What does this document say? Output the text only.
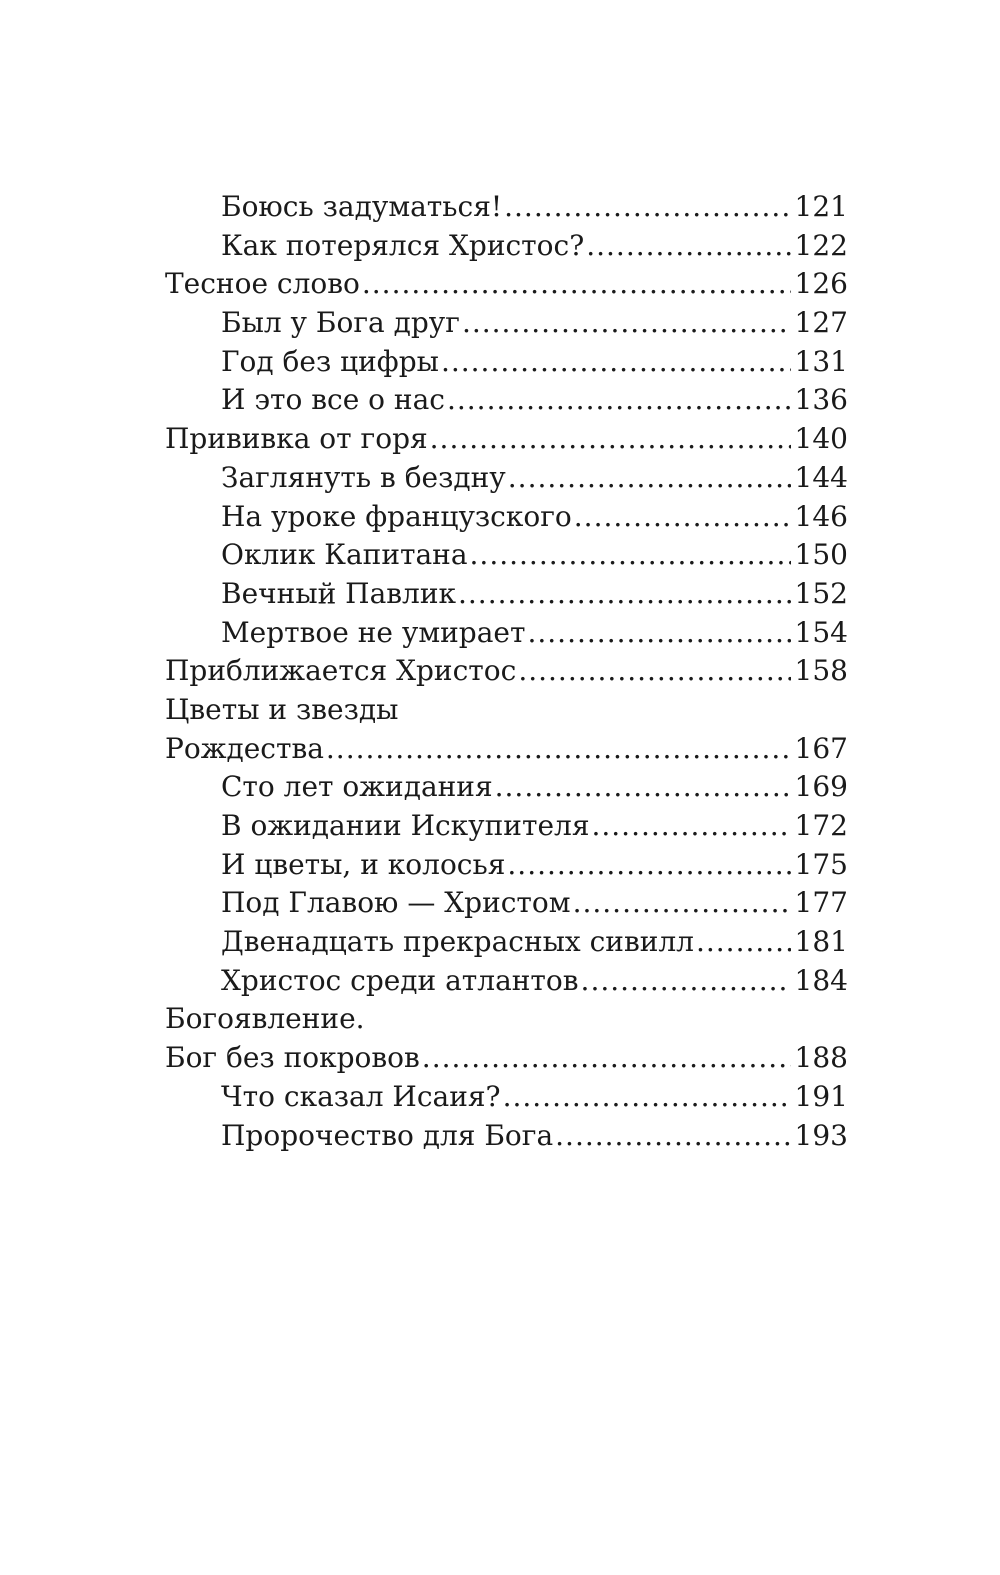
Боюсь задуматься! .....	121
Как потерялся Христос? .....	122
Тесное слово .....	126
Был у Бога друг .....	127
Год без цифры .....	131
И это все о нас .....	136
Прививка от горя .....	140
Заглянуть в бездну .....	144
На уроке французского .....	146
Оклик Капитана .....	150
Вечный Павлик .....	152
Мертвое не умирает .....	154
Приближается Христос .....	158
Цветы и звезды
Рождества .....	167
Сто лет ожидания .....	169
В ожидании Искупителя .....	172
И цветы, и колосья .....	175
Под Главою — Христом .....	177
Двенадцать прекрасных сивилл .....	181
Христос среди атлантов .....	184
Богоявление.
Бог без покровов .....	188
Что сказал Исаия? .....	191
Пророчество для Бога .....	193
